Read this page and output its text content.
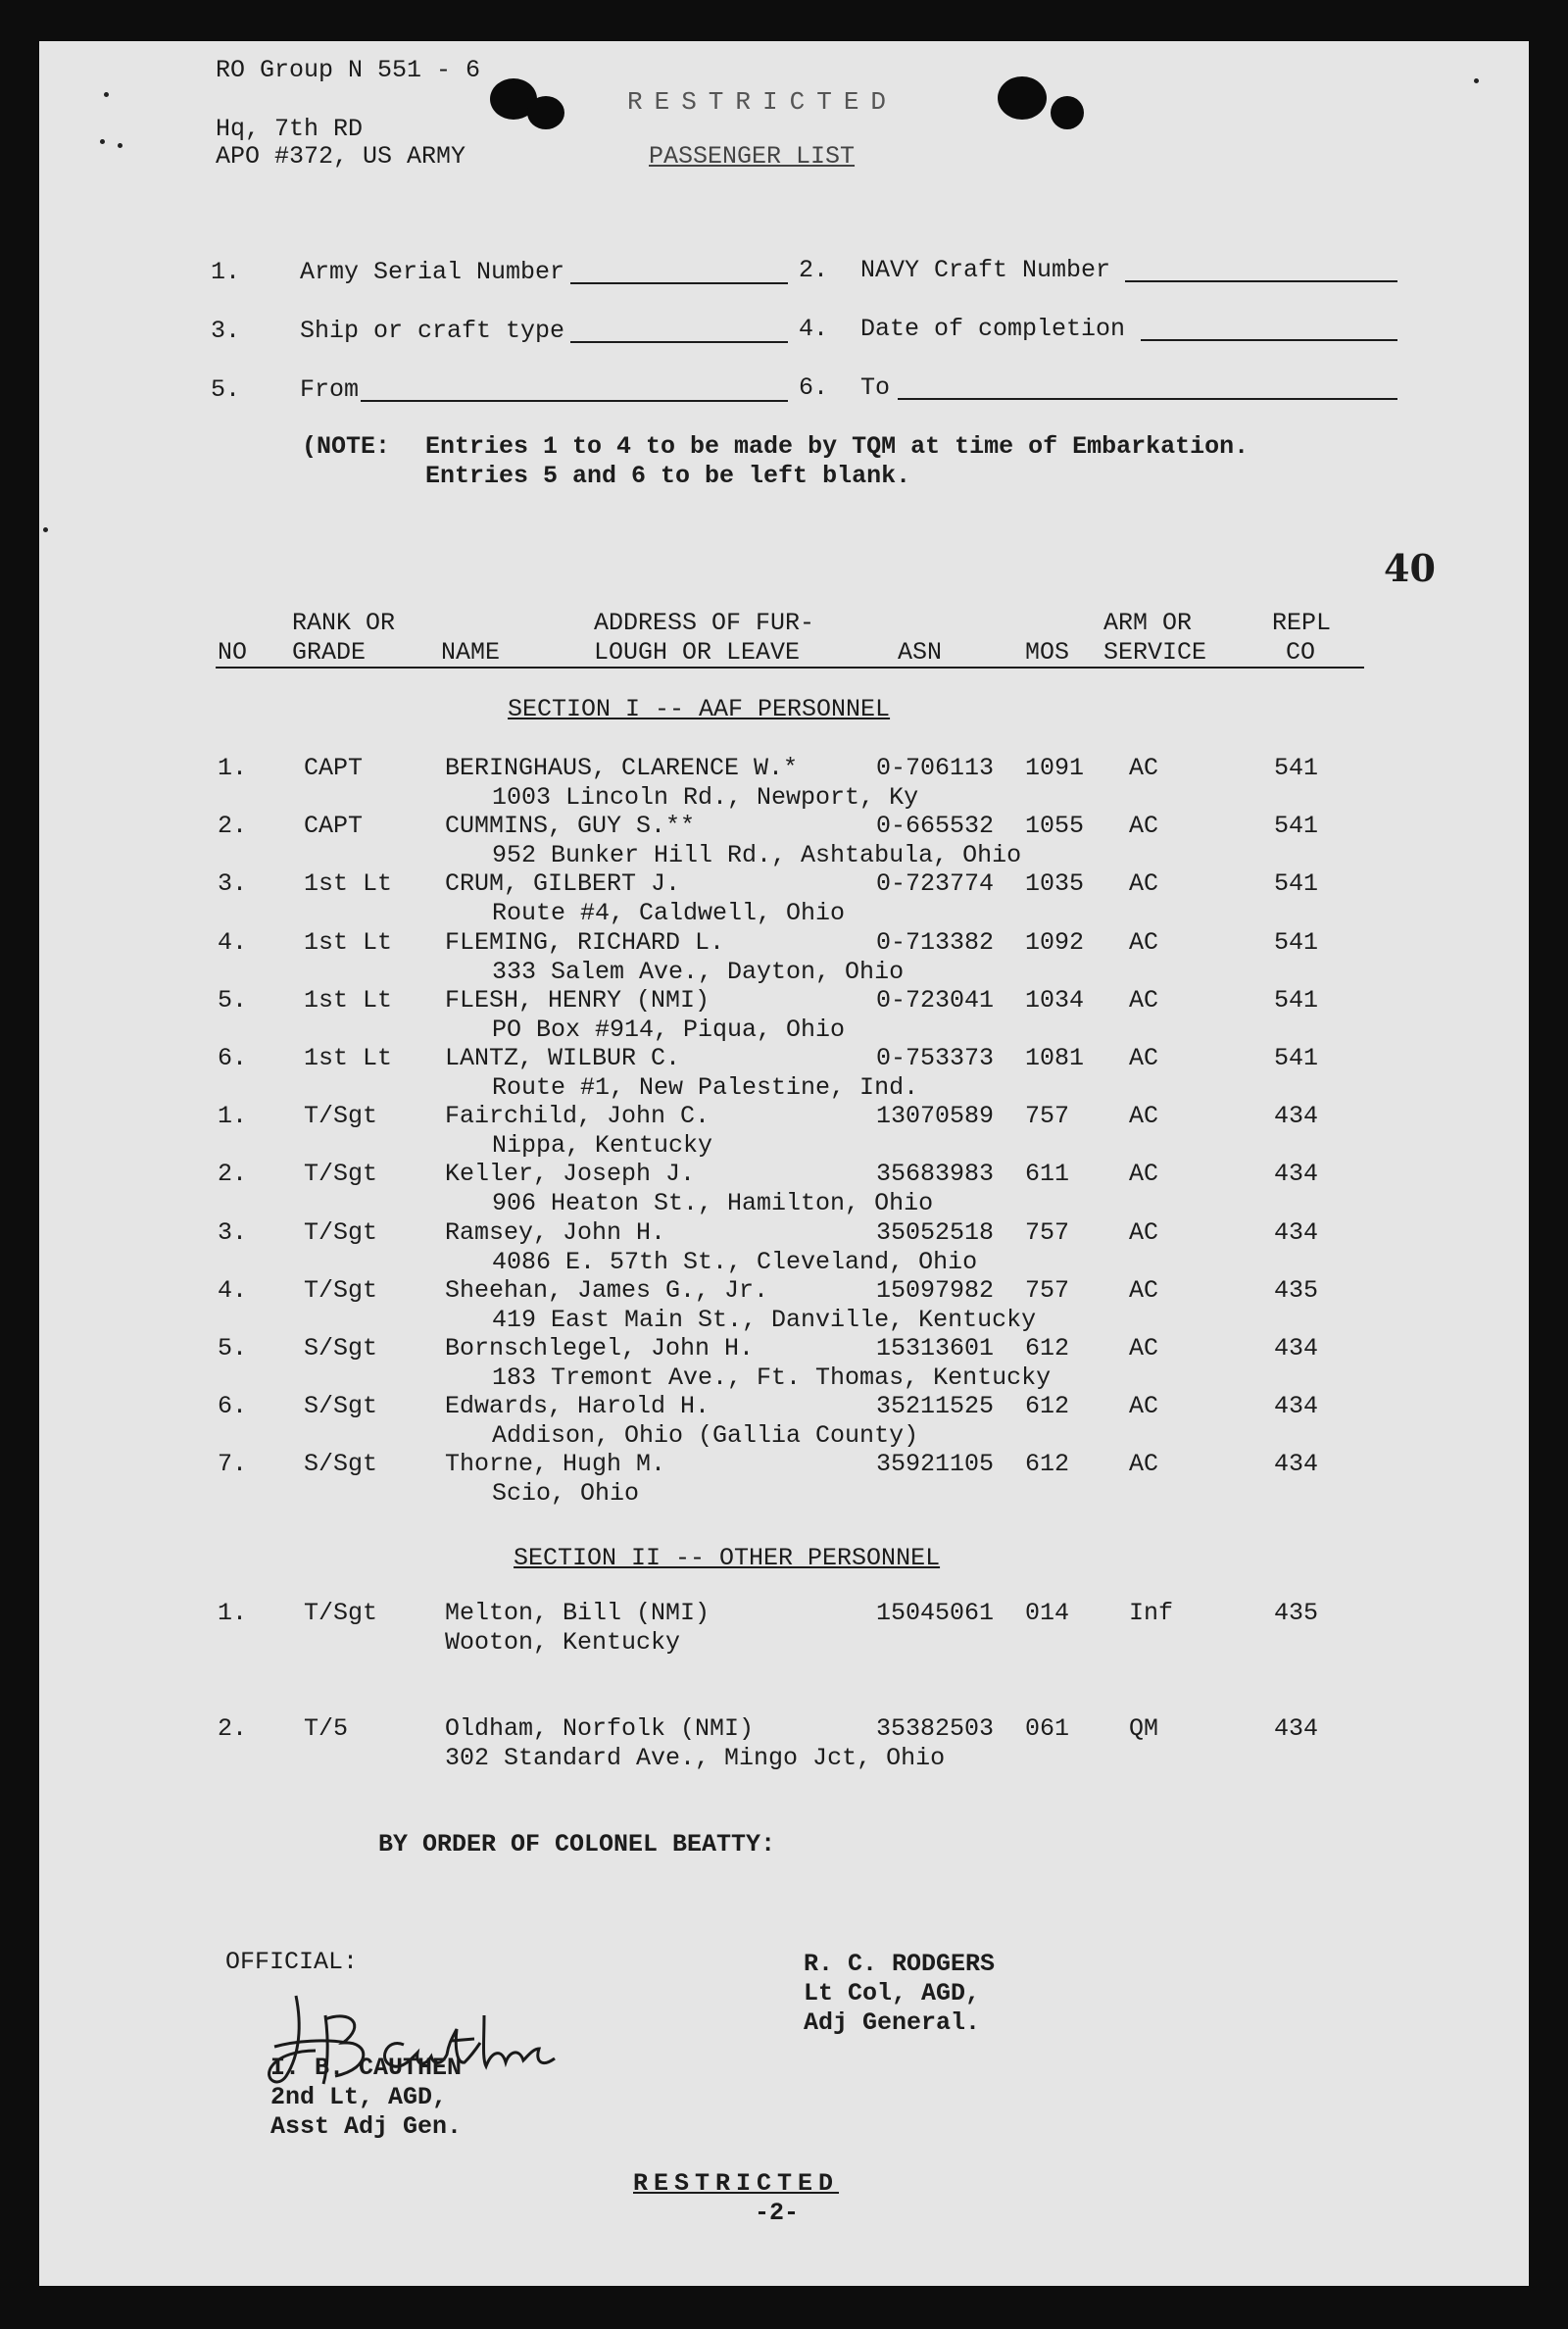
RO Group N 551 - 6
Hq, 7th RD
APO #372, US ARMY
RESTRICTED
PASSENGER LIST
1. Army Serial Number	2. NAVY Craft Number
3. Ship or craft type	4. Date of completion
5. From	6. To
(NOTE: Entries 1 to 4 to be made by TQM at time of Embarkation.
Entries 5 and 6 to be left blank.
40
RANK OR	ADDRESS OF FUR-	ARM OR	REPL
NO GRADE	NAME	LOUGH OR LEAVE	ASN	MOS SERVICE	CO
SECTION I -- AAF PERSONNEL
1. CAPT	BERINGHAUS, CLARENCE W.*	0-706113 1091 AC	541
1003 Lincoln Rd., Newport, Ky
2. CAPT	CUMMINS, GUY S.**	0-665532 1055 AC	541
952 Bunker Hill Rd., Ashtabula, Ohio
3. 1st Lt CRUM, GILBERT J.	0-723774 1035 AC	541
Route #4, Caldwell, Ohio
4. 1st Lt FLEMING, RICHARD L.	0-713382 1092 AC	541
333 Salem Ave., Dayton, Ohio
5. 1st Lt FLESH, HENRY (NMI)	0-723041 1034 AC	541
PO Box #914, Piqua, Ohio
6. 1st Lt LANTZ, WILBUR C.	0-753373 1081 AC	541
Route #1, New Palestine, Ind.
1. T/Sgt	Fairchild, John C.	13070589 757 AC	434
Nippa, Kentucky
2. T/Sgt	Keller, Joseph J.	35683983 611 AC	434
906 Heaton St., Hamilton, Ohio
3. T/Sgt	Ramsey, John H.	35052518 757 AC	434
4086 E. 57th St., Cleveland, Ohio
4. T/Sgt	Sheehan, James G., Jr.	15097982 757 AC	435
419 East Main St., Danville, Kentucky
5. S/Sgt	Bornschlegel, John H.	15313601 612 AC	434
183 Tremont Ave., Ft. Thomas, Kentucky
6. S/Sgt	Edwards, Harold H.	35211525 612 AC	434
Addison, Ohio (Gallia County)
7. S/Sgt	Thorne, Hugh M.	35921105 612 AC	434
Scio, Ohio
SECTION II -- OTHER PERSONNEL
1. T/Sgt	Melton, Bill (NMI)	15045061 014 Inf	435
Wooton, Kentucky
2. T/5	Oldham, Norfolk (NMI)	35382503 061 QM	434
302 Standard Ave., Mingo Jct, Ohio
BY ORDER OF COLONEL BEATTY:
OFFICIAL:
I. B. CAUTHEN
2nd Lt, AGD,
Asst Adj Gen.
R. C. RODGERS
Lt Col, AGD,
Adj General.
RESTRICTED
-2-
